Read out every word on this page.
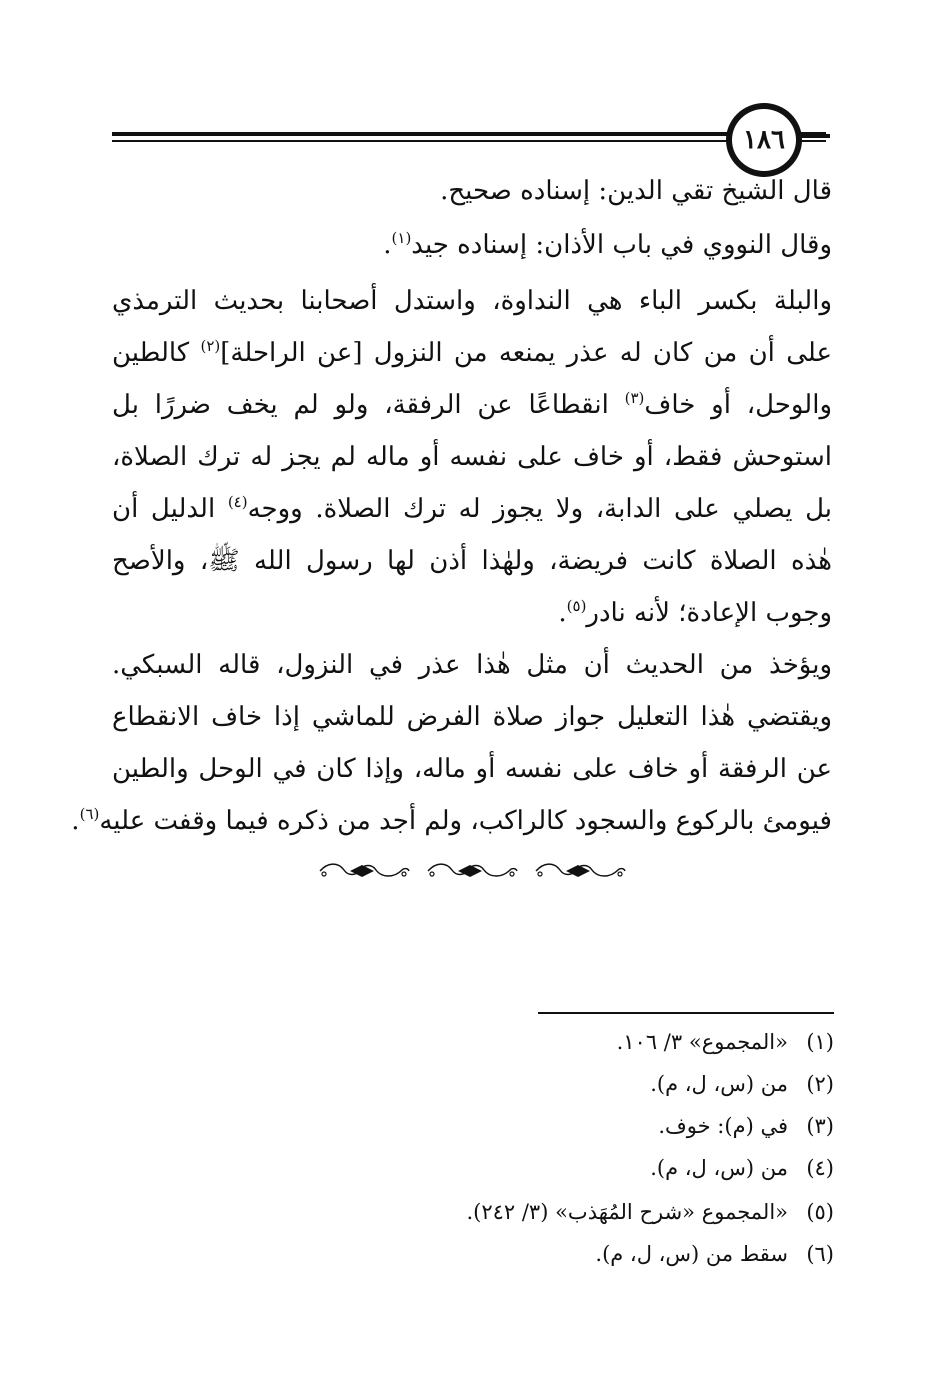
١٨٦
قال الشيخ تقي الدين: إسناده صحيح.
وقال النووي في باب الأذان: إسناده جيد$^{(١)}$.
والبلة بكسر الباء هي النداوة، واستدل أصحابنا بحديث الترمذي
على أن من كان له عذر يمنعه من النزول [عن الراحلة]$^{(٢)}$ كالطين
والوحل، أو خاف$^{(٣)}$ انقطاعًا عن الرفقة، ولو لم يخف ضررًا بل
استوحش فقط، أو خاف على نفسه أو ماله لم يجز له ترك الصلاة،
بل يصلي على الدابة، ولا يجوز له ترك الصلاة. ووجه$^{(٤)}$ الدليل أن
هٰذه الصلاة كانت فريضة، ولهٰذا أذن لها رسول الله ﷺ، والأصح
وجوب الإعادة؛ لأنه نادر$^{(٥)}$.
ويؤخذ من الحديث أن مثل هٰذا عذر في النزول، قاله السبكي.
ويقتضي هٰذا التعليل جواز صلاة الفرض للماشي إذا خاف الانقطاع
عن الرفقة أو خاف على نفسه أو ماله، وإذا كان في الوحل والطين
فيومئ بالركوع والسجود كالراكب، ولم أجد من ذكره فيما وقفت عليه$^{(٦)}$.
(١)«المجموع» ٣/ ١٠٦.
(٢)من (س، ل، م).
(٣)في (م): خوف.
(٤)من (س، ل، م).
(٥)«المجموع «شرح المُهَذب» (٣/ ٢٤٢).
(٦)سقط من (س، ل، م).
